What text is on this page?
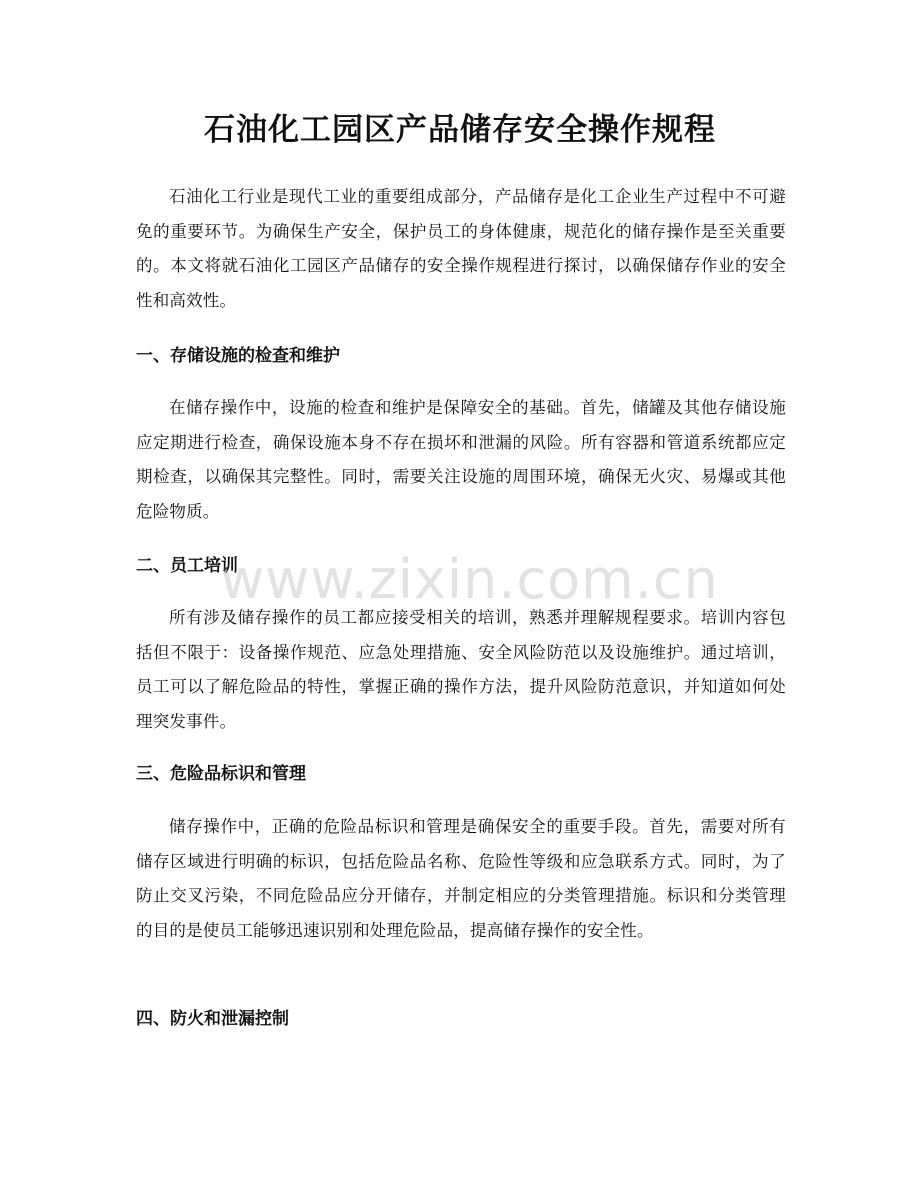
石油化工园区产品储存安全操作规程

石油化工行业是现代工业的重要组成部分，产品储存是化工企业生产过程中不可避免的重要环节。为确保生产安全，保护员工的身体健康，规范化的储存操作是至关重要的。本文将就石油化工园区产品储存的安全操作规程进行探讨，以确保储存作业的安全性和高效性。

一、存储设施的检查和维护

在储存操作中，设施的检查和维护是保障安全的基础。首先，储罐及其他存储设施应定期进行检查，确保设施本身不存在损坏和泄漏的风险。所有容器和管道系统都应定期检查，以确保其完整性。同时，需要关注设施的周围环境，确保无火灾、易爆或其他危险物质。

二、员工培训

所有涉及储存操作的员工都应接受相关的培训，熟悉并理解规程要求。培训内容包括但不限于：设备操作规范、应急处理措施、安全风险防范以及设施维护。通过培训，员工可以了解危险品的特性，掌握正确的操作方法，提升风险防范意识，并知道如何处理突发事件。

三、危险品标识和管理

储存操作中，正确的危险品标识和管理是确保安全的重要手段。首先，需要对所有储存区域进行明确的标识，包括危险品名称、危险性等级和应急联系方式。同时，为了防止交叉污染，不同危险品应分开储存，并制定相应的分类管理措施。标识和分类管理的目的是使员工能够迅速识别和处理危险品，提高储存操作的安全性。

四、防火和泄漏控制
www.zixin.com.cn
